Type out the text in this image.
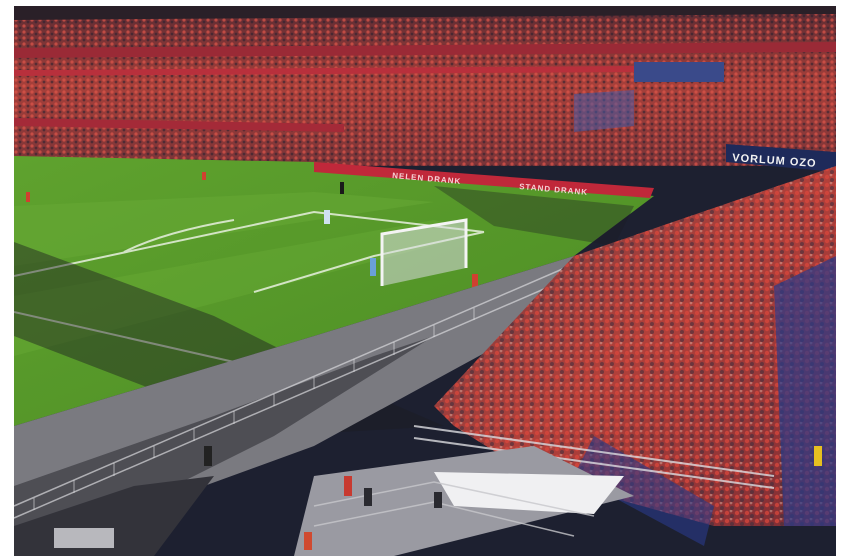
VORLUM OZO
NELEN DRANK
STAND DRANK
